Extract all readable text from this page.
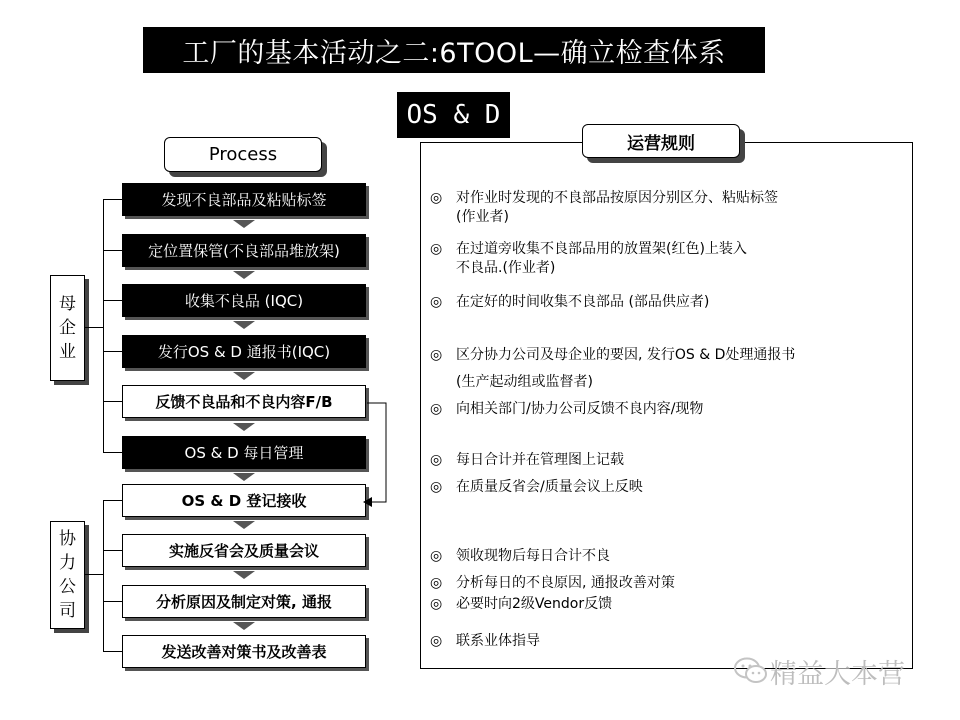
工厂的基本活动之二:6TOOL—确立检查体系
OS & D
Process
运营规则
母
企
业
协
力
公
司
发现不良部品及粘贴标签
定位置保管(不良部品堆放架)
收集不良品 (IQC)
发行OS & D 通报书(IQC)
反馈不良品和不良内容F/B
OS & D 每日管理
OS & D 登记接收
实施反省会及质量会议
分析原因及制定对策, 通报
发送改善对策书及改善表
◎ 对作业时发现的不良部品按原因分别区分、粘贴标签
(作业者)
◎ 在过道旁收集不良部品用的放置架(红色)上装入
不良品.(作业者)
◎ 在定好的时间收集不良部品 (部品供应者)
◎ 区分协力公司及母企业的要因, 发行OS & D处理通报书
(生产起动组或监督者)
◎ 向相关部门/协力公司反馈不良内容/现物
◎ 每日合计并在管理图上记载
◎ 在质量反省会/质量会议上反映
◎ 领收现物后每日合计不良
◎ 分析每日的不良原因, 通报改善对策
◎ 必要时向2级Vendor反馈
◎ 联系业体指导
精益大本营
